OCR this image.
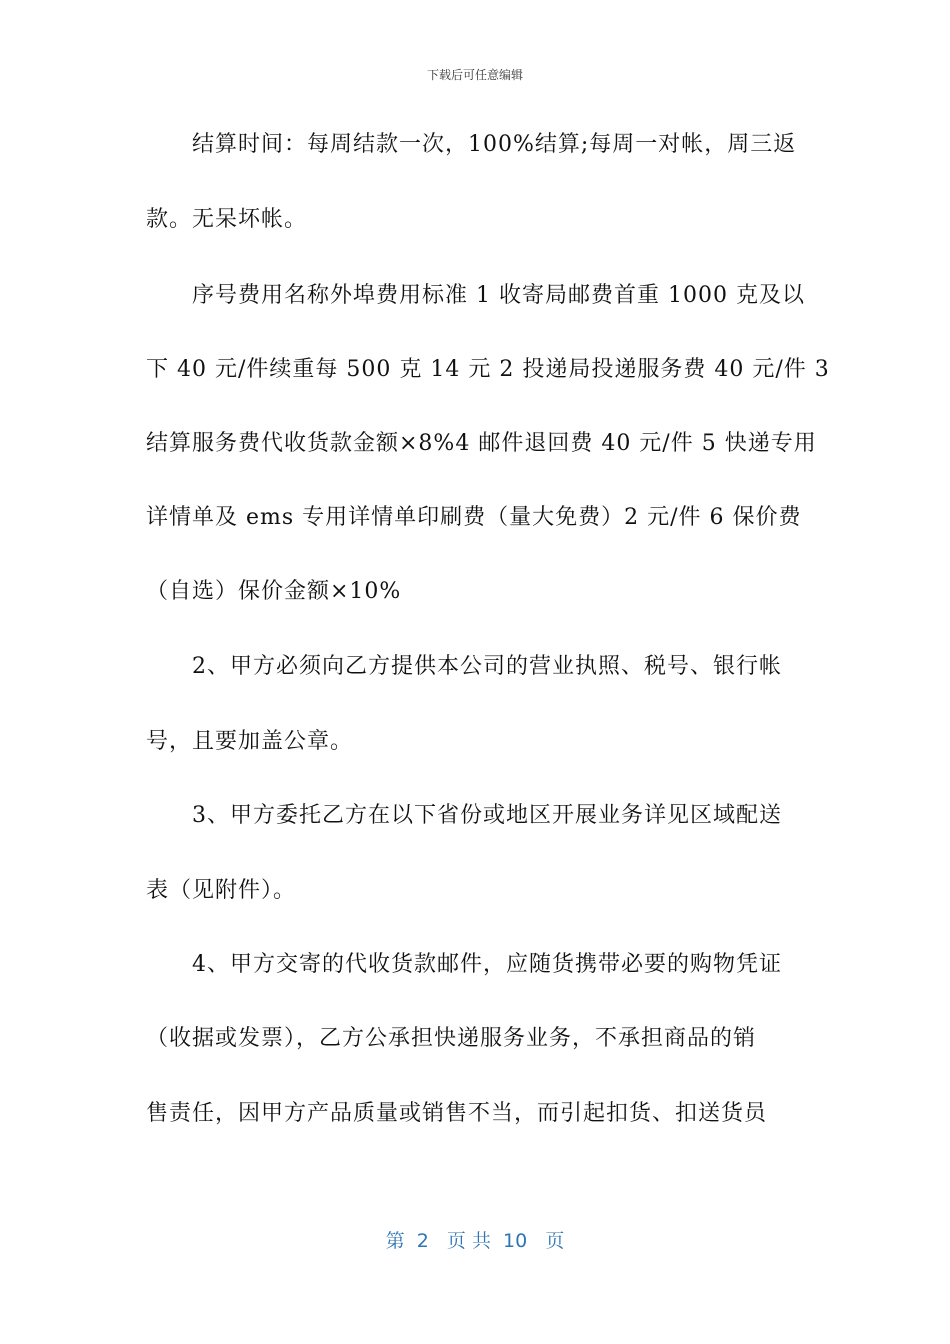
下载后可任意编辑
结算时间：每周结款一次，100%结算;每周一对帐，周三返
款。无呆坏帐。
序号费用名称外埠费用标准 1 收寄局邮费首重 1000 克及以
下 40 元/件续重每 500 克 14 元 2 投递局投递服务费 40 元/件 3
结算服务费代收货款金额×8%4 邮件退回费 40 元/件 5 快递专用
详情单及 ems 专用详情单印刷费（量大免费）2 元/件 6 保价费
（自选）保价金额×10%
2、甲方必须向乙方提供本公司的营业执照、税号、银行帐
号，且要加盖公章。
3、甲方委托乙方在以下省份或地区开展业务详见区域配送
表（见附件）。
4、甲方交寄的代收货款邮件，应随货携带必要的购物凭证
（收据或发票），乙方公承担快递服务业务，不承担商品的销
售责任，因甲方产品质量或销售不当，而引起扣货、扣送货员
第  2   页 共  10   页
